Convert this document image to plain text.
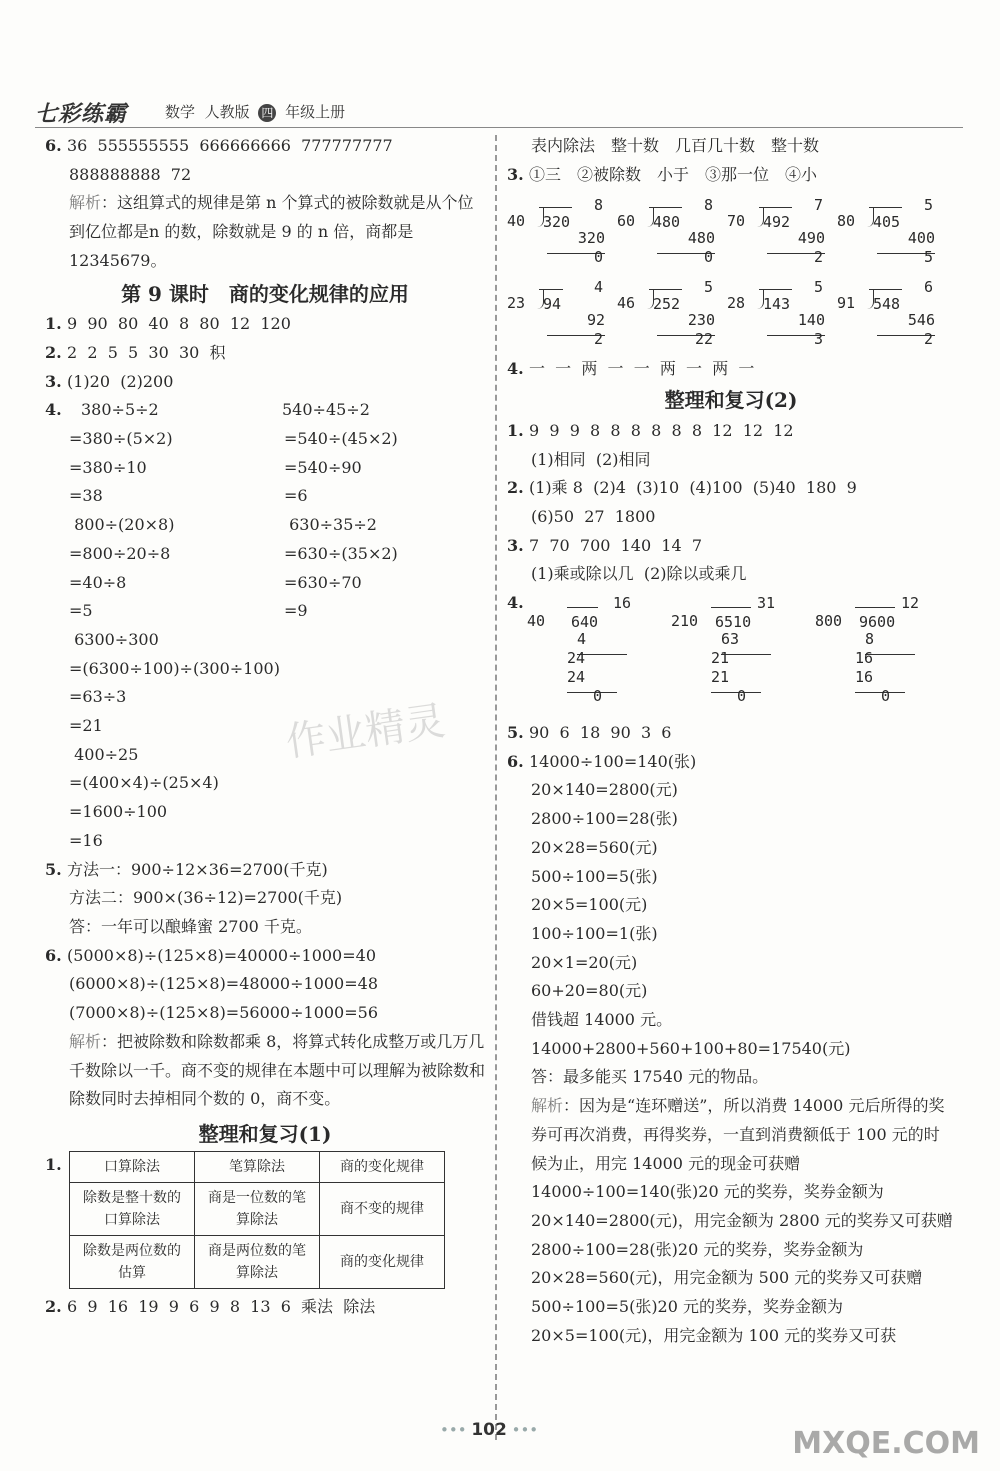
七彩练霸	数学 人教版 四 年级上册
6. 36  555555555  666666666  777777777
888888888  72
解析：这组算式的规律是第 n 个算式的被除数就是从个位到亿位都是n 的数，除数就是 9 的 n 倍，商都是 12345679。
第 9 课时　商的变化规律的应用
1. 9  90  80  40  8  80  12  120
2. 2  2  5  5  30  30  积
3. (1)20  (2)200
4.	380÷5÷2	540÷45÷2
=380÷(5×2)	=540÷(45×2)
=380÷10	=540÷90
=38	=6
800÷(20×8)	630÷35÷2
=800÷20÷8	=630÷(35×2)
=40÷8	=630÷70
=5	=9
6300÷300
=(6300÷100)÷(300÷100)
=63÷3
=21
400÷25
=(400×4)÷(25×4)
=1600÷100
=16
5. 方法一：900÷12×36=2700(千克)
方法二：900×(36÷12)=2700(千克)
答：一年可以酿蜂蜜 2700 千克。
6. (5000×8)÷(125×8)=40000÷1000=40
(6000×8)÷(125×8)=48000÷1000=48
(7000×8)÷(125×8)=56000÷1000=56
解析：把被除数和除数都乘 8，将算式转化成整万或几万几千数除以一千。商不变的规律在本题中可以理解为被除数和除数同时去掉相同个数的 0，商不变。
整理和复习(1)
1.	口算除法	笔算除法	商的变化规律
除数是整十数的口算除法	商是一位数的笔算除法	商不变的规律
除数是两位数的估算	商是两位数的笔算除法	商的变化规律
2. 6  9  16  19  9  6  9  8  13  6  乘法  除法
表内除法　整十数　几百几十数　整十数
3. ①三　②被除数　小于　③那一位　④小
8
40 320
320
0
8
60 480
480
0
7
70 492
490
2
5
80 405
400
5
4
23 94
92
2
5
46 252
230
22
5
28 143
140
3
6
91 548
546
2
4. 一  一  两  一  一  两  一  两  一
整理和复习(2)
1. 9  9  9  8  8  8  8  8  8  12  12  12
(1)相同  (2)相同
2. (1)乘 8  (2)4  (3)10  (4)100  (5)40  180  9
(6)50  27  1800
3. 7  70  700  140  14  7
(1)乘或除以几  (2)除以或乘几
4.	16
40 640
4
24
24
0
31
210 6510
63
21
21
0
12
800 9600
8
16
16
0
5. 90  6  18  90  3  6
6. 14000÷100=140(张)
20×140=2800(元)
2800÷100=28(张)
20×28=560(元)
500÷100=5(张)
20×5=100(元)
100÷100=1(张)
20×1=20(元)
60+20=80(元)
借钱超 14000 元。
14000+2800+560+100+80=17540(元)
答：最多能买 17540 元的物品。
解析：因为是“连环赠送”，所以消费 14000 元后所得的奖券可再次消费，再得奖券，一直到消费额低于 100 元的时候为止，用完 14000 元的现金可获赠 14000÷100=140(张)20 元的奖券，奖券金额为 20×140=2800(元)，用完金额为 2800 元的奖券又可获赠 2800÷100=28(张)20 元的奖券，奖券金额为 20×28=560(元)，用完金额为 500 元的奖券又可获赠 500÷100=5(张)20 元的奖券，奖券金额为 20×5=100(元)，用完金额为 100 元的奖券又可获
••• 102 •••
作业精灵
MXQE.COM
